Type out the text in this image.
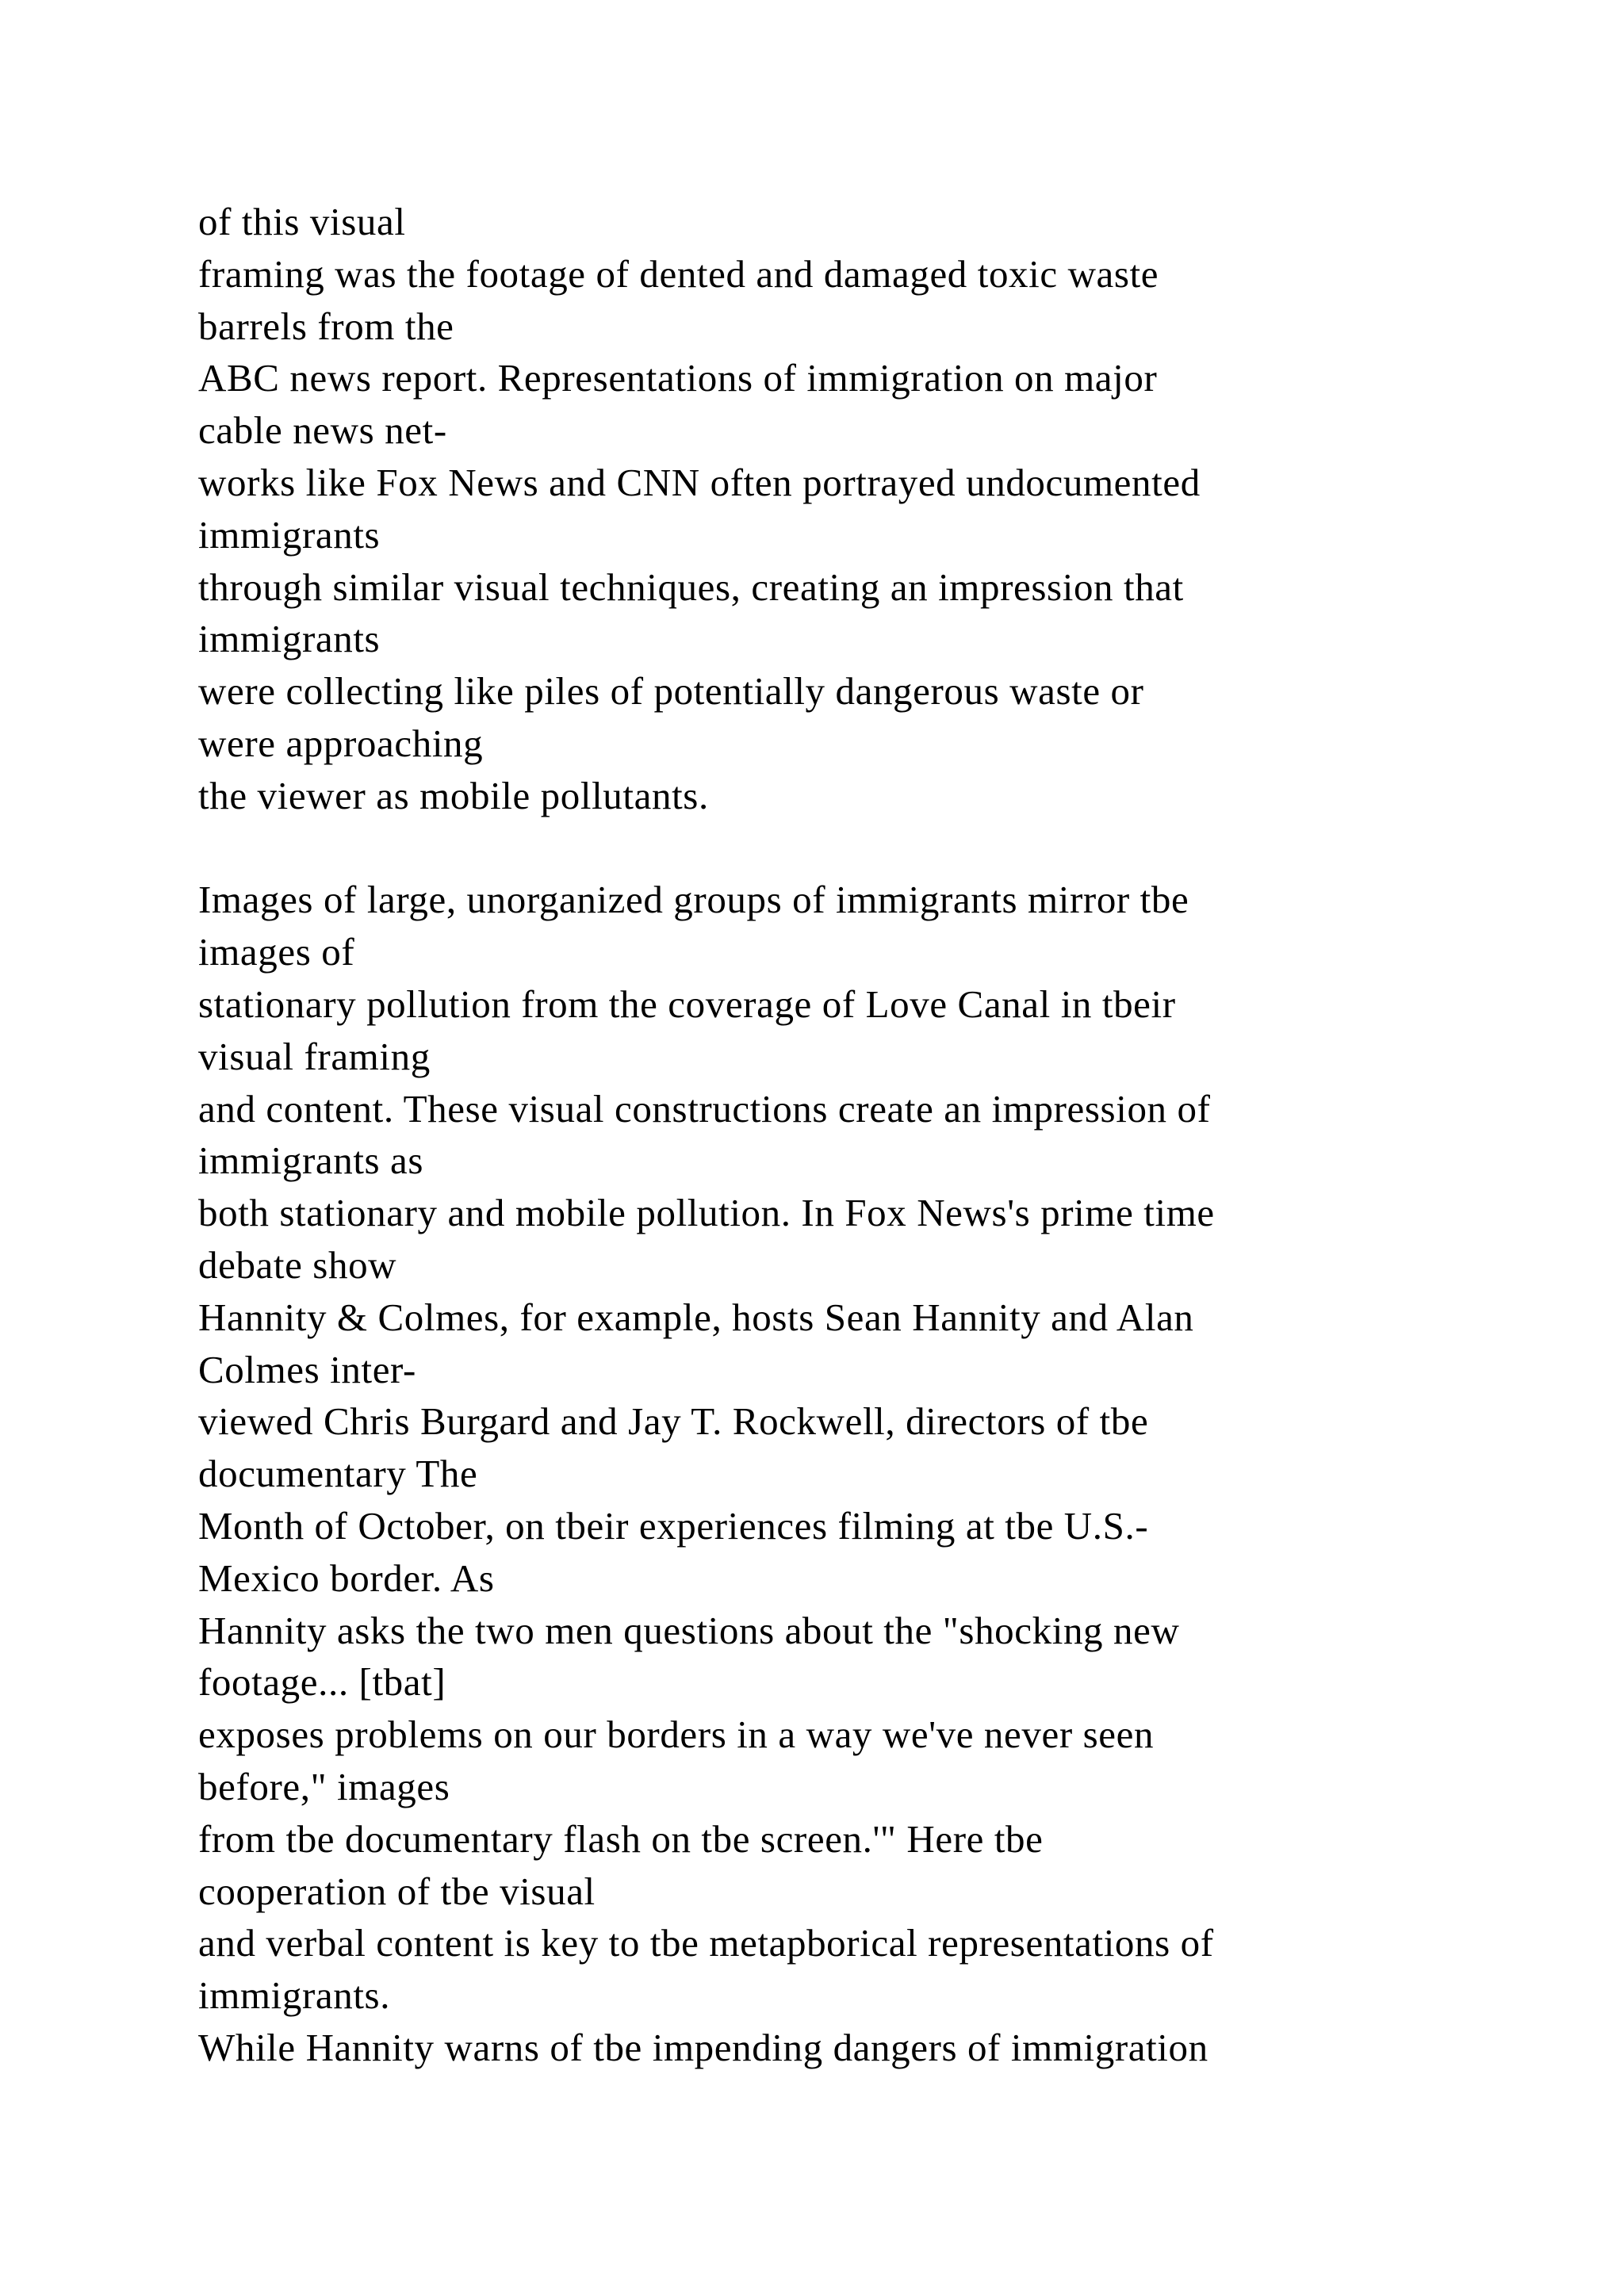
of this visual
framing was the footage of dented and damaged toxic waste
barrels from the
ABC news report. Representations of immigration on major
cable news net-
works like Fox News and CNN often portrayed undocumented
immigrants
through similar visual techniques, creating an impression that
immigrants
were collecting like piles of potentially dangerous waste or
were approaching
the viewer as mobile pollutants.
Images of large, unorganized groups of immigrants mirror tbe
images of
stationary pollution from the coverage of Love Canal in tbeir
visual framing
and content. These visual constructions create an impression of
immigrants as
both stationary and mobile pollution. In Fox News's prime time
debate show
Hannity & Colmes, for example, hosts Sean Hannity and Alan
Colmes inter-
viewed Chris Burgard and Jay T. Rockwell, directors of tbe
documentary The
Month of October, on tbeir experiences filming at tbe U.S.-
Mexico border. As
Hannity asks the two men questions about the "shocking new
footage... [tbat]
exposes problems on our borders in a way we've never seen
before," images
from tbe documentary flash on tbe screen.'" Here tbe
cooperation of tbe visual
and verbal content is key to tbe metapborical representations of
immigrants.
While Hannity warns of tbe impending dangers of immigration
